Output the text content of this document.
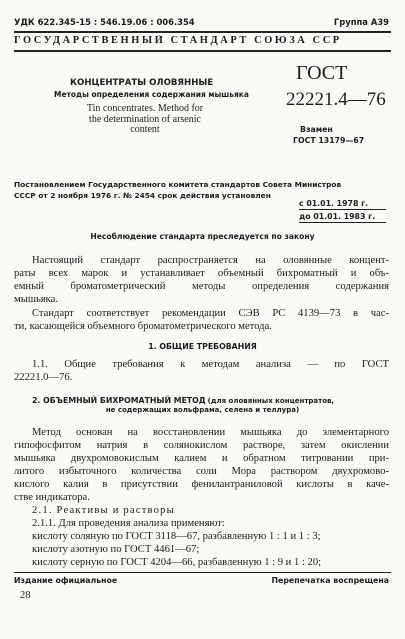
УДК 622.345-15 : 546.19.06 : 006.354	Группа А39
ГОСУДАРСТВЕННЫЙ СТАНДАРТ СОЮЗА ССР
КОНЦЕНТРАТЫ ОЛОВЯННЫЕ
Методы определения содержания мышьяка
Tin concentrates. Method for
the determination of arsenic
content
ГОСТ
22221.4—76
Взамен
ГОСТ 13179—67
Постановлением Государственного комитета стандартов Совета Министров
СССР от 2 ноября 1976 г. № 2454 срок действия установлен
с 01.01. 1978 г.
до 01.01. 1983 г.
Несоблюдение стандарта преследуется по закону
Настоящий стандарт распространяется на оловянные концент-
раты всех марок и устанавливает объемный бихроматный и объ-
емный броматометрический методы определения содержания
мышьяка.
Стандарт соответствует рекомендации СЭВ PC 4139—73 в час-
ти, касающейся объемного броматометрического метода.
1. ОБЩИЕ ТРЕБОВАНИЯ
1.1. Общие требования к методам анализа — по ГОСТ
22221.0—76.
2. ОБЪЕМНЫЙ БИХРОМАТНЫЙ МЕТОД (для оловянных концентратов,
не содержащих вольфрама, селена и теллура)
Метод основан на восстановлении мышьяка до элементарного
гипофосфитом натрия в солянокислом растворе, затем окислении
мышьяка двухромовокислым калием и обратном титровании при-
литого избыточного количества соли Мора раствором двухромово-
кислого калия в присутствии фенилантраниловой кислоты в каче-
стве индикатора.
2.1. Реактивы и растворы
2.1.1. Для проведения анализа применяют:
кислоту соляную по ГОСТ 3118—67, разбавленную 1 : 1 и 1 : 3;
кислоту азотную по ГОСТ 4461—67;
кислоту серную по ГОСТ 4204—66, разбавленную 1 : 9 и 1 : 20;
Издание официальное	Перепечатка воспрещена
28
